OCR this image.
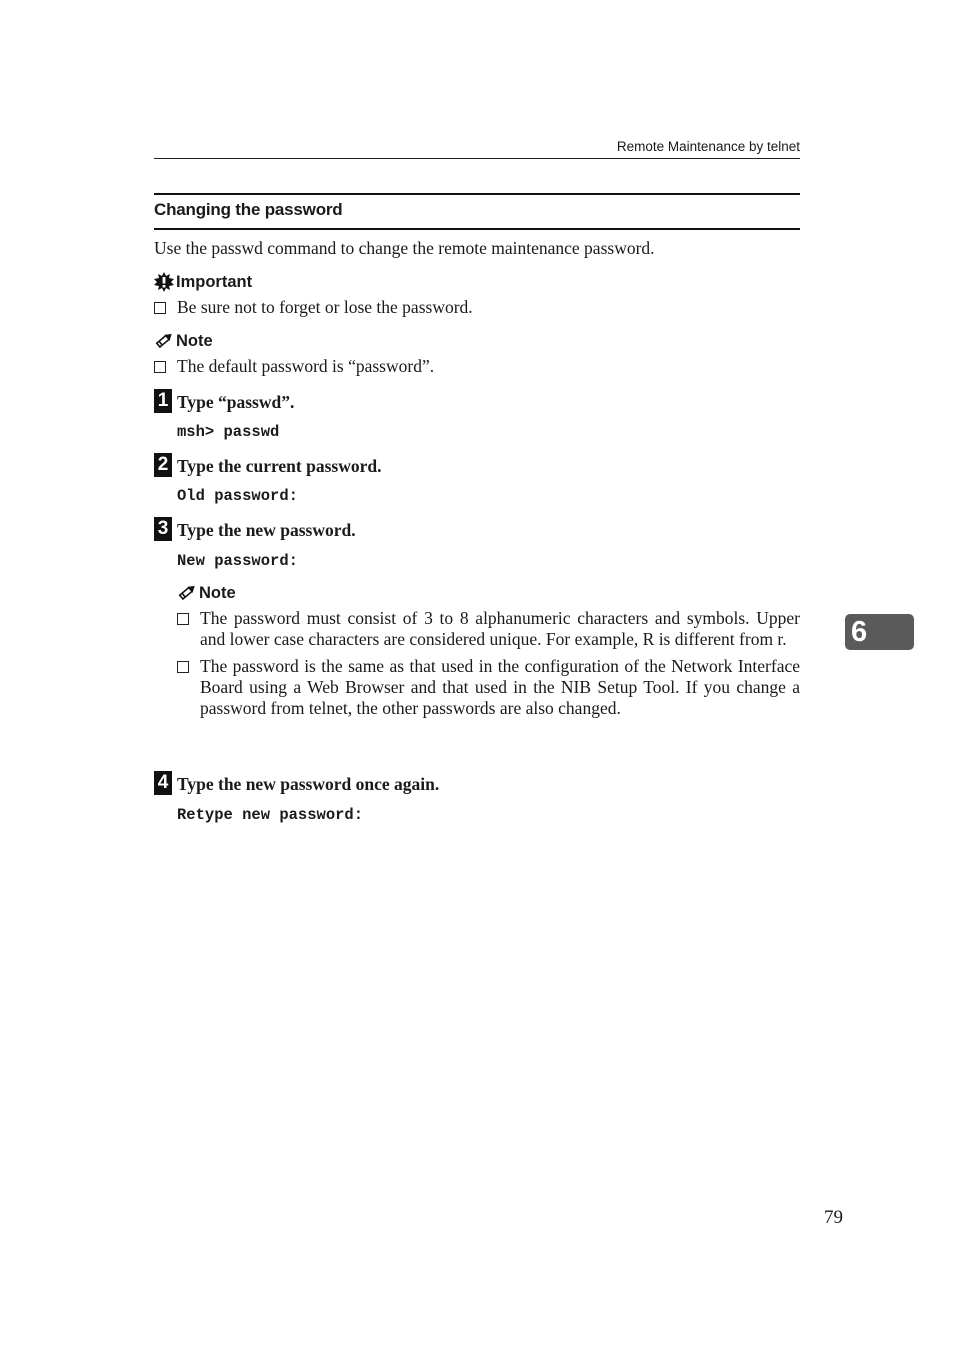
Remote Maintenance by telnet
Changing the password
Use the passwd command to change the remote maintenance password.
Important
Be sure not to forget or lose the password.
Note
The default password is “password”.
1 Type “passwd”.
msh> passwd
2 Type the current password.
Old password:
3 Type the new password.
New password:
Note
The password must consist of 3 to 8 alphanumeric characters and symbols. Upper and lower case characters are considered unique. For example, R is different from r.
The password is the same as that used in the configuration of the Network Interface Board using a Web Browser and that used in the NIB Setup Tool. If you change a password from telnet, the other passwords are also changed.
4 Type the new password once again.
Retype new password:
6
79
